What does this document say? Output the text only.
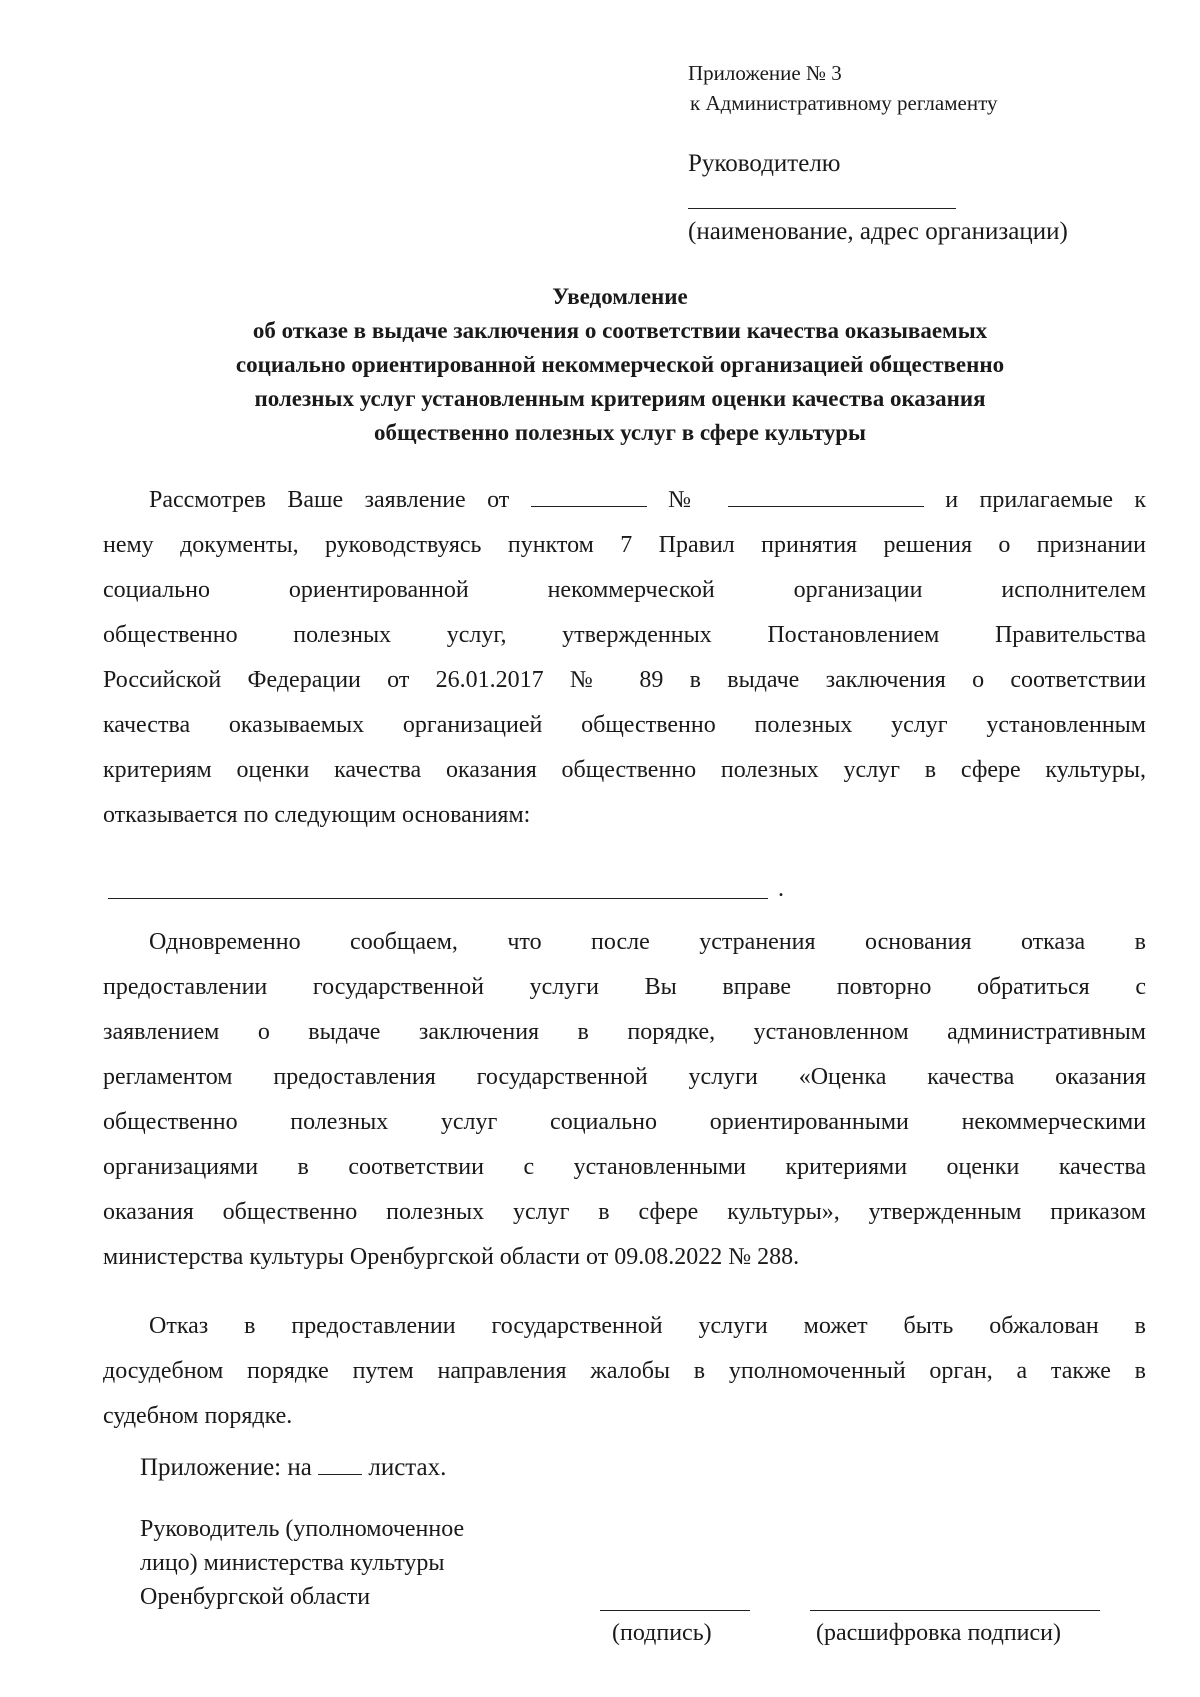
Приложение № 3
к Административному регламенту
Руководителю
(наименование, адрес организации)
Уведомление
об отказе в выдаче заключения о соответствии качества оказываемых
социально ориентированной некоммерческой организацией общественно
полезных услуг установленным критериям оценки качества оказания
общественно полезных услуг в сфере культуры
Рассмотрев Ваше заявление от	№	и прилагаемые к
нему документы, руководствуясь пунктом 7 Правил принятия решения о признании
социально ориентированной некоммерческой организации исполнителем
общественно полезных услуг, утвержденных Постановлением Правительства
Российской Федерации от 26.01.2017 № 89 в выдаче заключения о соответствии
качества оказываемых организацией общественно полезных услуг установленным
критериям оценки качества оказания общественно полезных услуг в сфере культуры,
отказывается по следующим основаниям:
.
Одновременно сообщаем, что после устранения основания отказа в
предоставлении государственной услуги Вы вправе повторно обратиться с
заявлением о выдаче заключения в порядке, установленном административным
регламентом предоставления государственной услуги «Оценка качества оказания
общественно полезных услуг социально ориентированными некоммерческими
организациями в соответствии с установленными критериями оценки качества
оказания общественно полезных услуг в сфере культуры», утвержденным приказом
министерства культуры Оренбургской области от 09.08.2022 № 288.
Отказ в предоставлении государственной услуги может быть обжалован в
досудебном порядке путем направления жалобы в уполномоченный орган, а также в
судебном порядке.
Приложение: на листах.
Руководитель (уполномоченное
лицо) министерства культуры
Оренбургской области
(подпись)	(расшифровка подписи)
